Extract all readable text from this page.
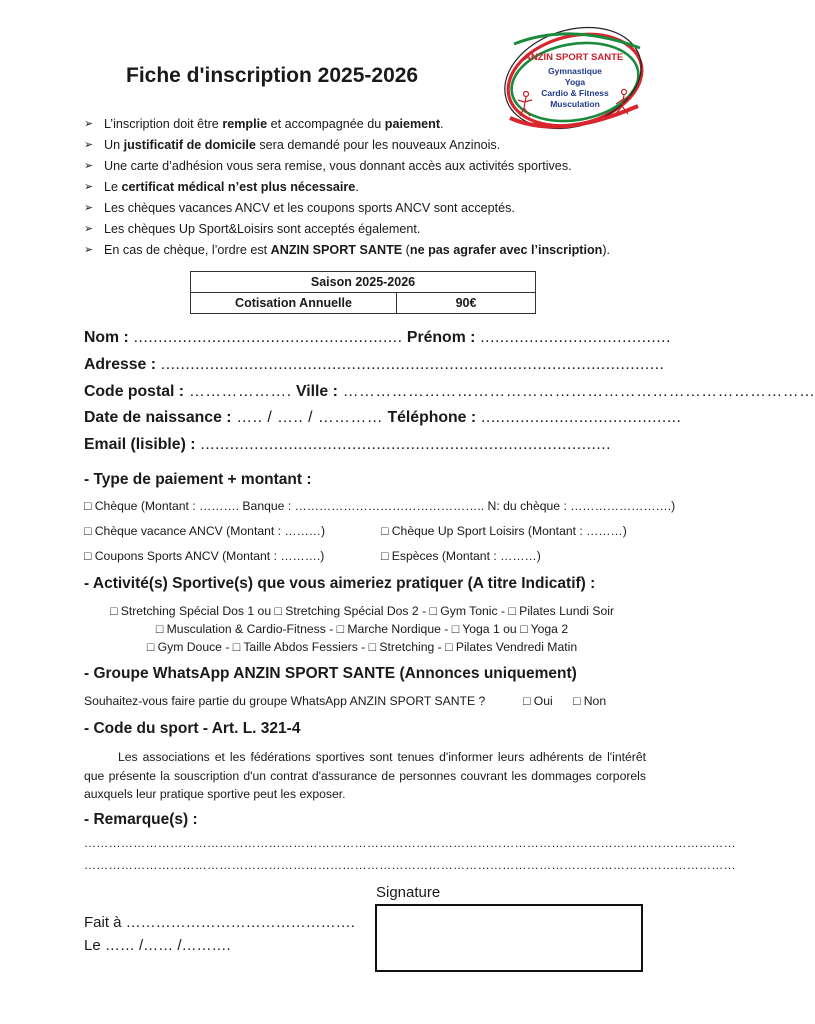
Fiche d'inscription 2025-2026
ANZIN SPORT SANTE
Gymnastique
Yoga
Cardio & Fitness
Musculation
➢ L’inscription doit être remplie et accompagnée du paiement.
➢ Un justificatif de domicile sera demandé pour les nouveaux Anzinois.
➢ Une carte d’adhésion vous sera remise, vous donnant accès aux activités sportives.
➢ Le certificat médical n’est plus nécessaire.
➢ Les chèques vacances ANCV et les coupons sports ANCV sont acceptés.
➢ Les chèques Up Sport&Loisirs sont acceptés également.
➢ En cas de chèque, l’ordre est ANZIN SPORT SANTE (ne pas agrafer avec l’inscription).
Saison 2025-2026
Cotisation Annuelle	90€
Nom : ....................................................... Prénom : .......................................
Adresse : .......................................................................................................
Code postal : ………………. Ville : ……………………………………………………………………………
Date de naissance : ….. / ….. / ………… Téléphone : .........................................
Email (lisible) : ....................................................................................
- Type de paiement + montant :
□ Chèque (Montant : ………. Banque : ……………………………………….. N: du chèque : …………………….)
□ Chèque vacance ANCV (Montant : ………)	□ Chèque Up Sport Loisirs (Montant : ………)
□ Coupons Sports ANCV (Montant : ……….)	□ Espèces (Montant : ………)
- Activité(s) Sportive(s) que vous aimeriez pratiquer (A titre Indicatif) :
□ Stretching Spécial Dos 1 ou □ Stretching Spécial Dos 2 - □ Gym Tonic - □ Pilates Lundi Soir
□ Musculation & Cardio-Fitness - □ Marche Nordique - □ Yoga 1 ou □ Yoga 2
□ Gym Douce - □ Taille Abdos Fessiers - □ Stretching - □ Pilates Vendredi Matin
- Groupe WhatsApp ANZIN SPORT SANTE (Annonces uniquement)
Souhaitez-vous faire partie du groupe WhatsApp ANZIN SPORT SANTE ?	□ Oui □ Non
- Code du sport - Art. L. 321-4
Les associations et les fédérations sportives sont tenues d'informer leurs adhérents de l'intérêt que présente la souscription d'un contrat d'assurance de personnes couvrant les dommages corporels auxquels leur pratique sportive peut les exposer.
- Remarque(s) :
……………………………………………………………………………………………………………………………………………
……………………………………………………………………………………………………………………………………………
Signature
Fait à ……………………………………….
Le …… /…… /……….
